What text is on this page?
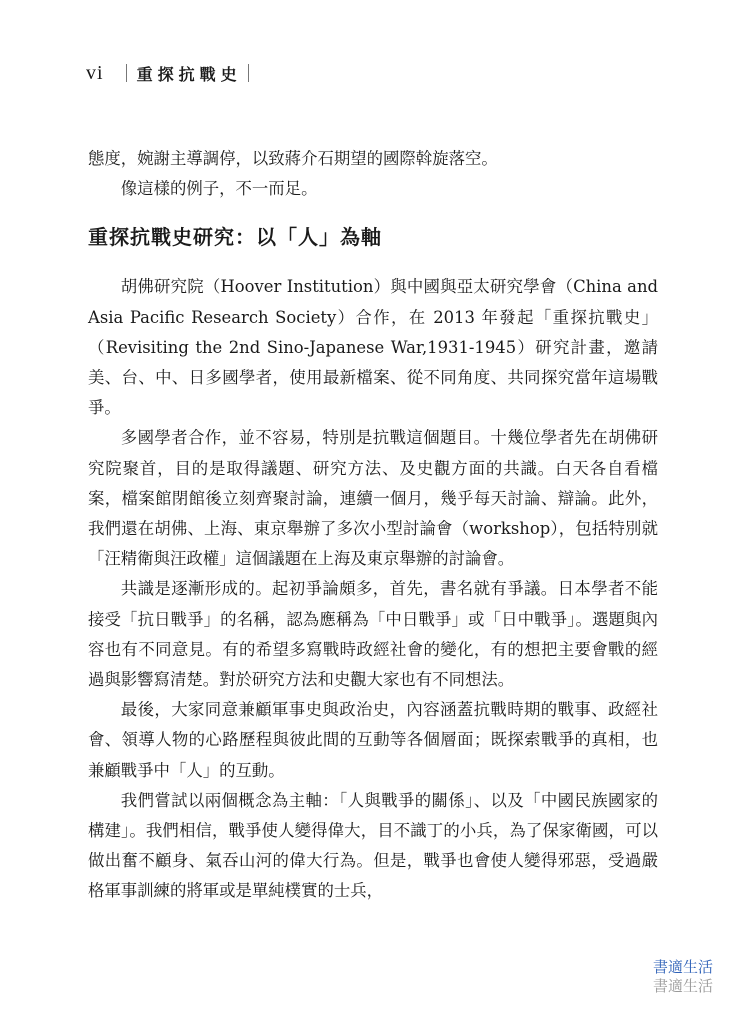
vi 重探抗戰史

態度，婉謝主導調停，以致蔣介石期望的國際斡旋落空。

像這樣的例子，不一而足。

重探抗戰史研究：以「人」為軸

胡佛研究院（Hoover Institution）與中國與亞太研究學會（China and Asia Pacific Research Society）合作，在 2013 年發起「重探抗戰史」（Revisiting the 2nd Sino-Japanese War,1931-1945）研究計畫，邀請美、台、中、日多國學者，使用最新檔案、從不同角度、共同探究當年這場戰爭。

多國學者合作，並不容易，特別是抗戰這個題目。十幾位學者先在胡佛研究院聚首，目的是取得議題、研究方法、及史觀方面的共識。白天各自看檔案，檔案館閉館後立刻齊聚討論，連續一個月，幾乎每天討論、辯論。此外，我們還在胡佛、上海、東京舉辦了多次小型討論會（workshop），包括特別就「汪精衛與汪政權」這個議題在上海及東京舉辦的討論會。

共識是逐漸形成的。起初爭論頗多，首先，書名就有爭議。日本學者不能接受「抗日戰爭」的名稱，認為應稱為「中日戰爭」或「日中戰爭」。選題與內容也有不同意見。有的希望多寫戰時政經社會的變化，有的想把主要會戰的經過與影響寫清楚。對於研究方法和史觀大家也有不同想法。

最後，大家同意兼顧軍事史與政治史，內容涵蓋抗戰時期的戰事、政經社會、領導人物的心路歷程與彼此間的互動等各個層面；既探索戰爭的真相，也兼顧戰爭中「人」的互動。

我們嘗試以兩個概念為主軸：「人與戰爭的關係」、以及「中國民族國家的構建」。我們相信，戰爭使人變得偉大，目不識丁的小兵，為了保家衛國，可以做出奮不顧身、氣吞山河的偉大行為。但是，戰爭也會使人變得邪惡，受過嚴格軍事訓練的將軍或是單純樸實的士兵，

書適生活
書適生活
